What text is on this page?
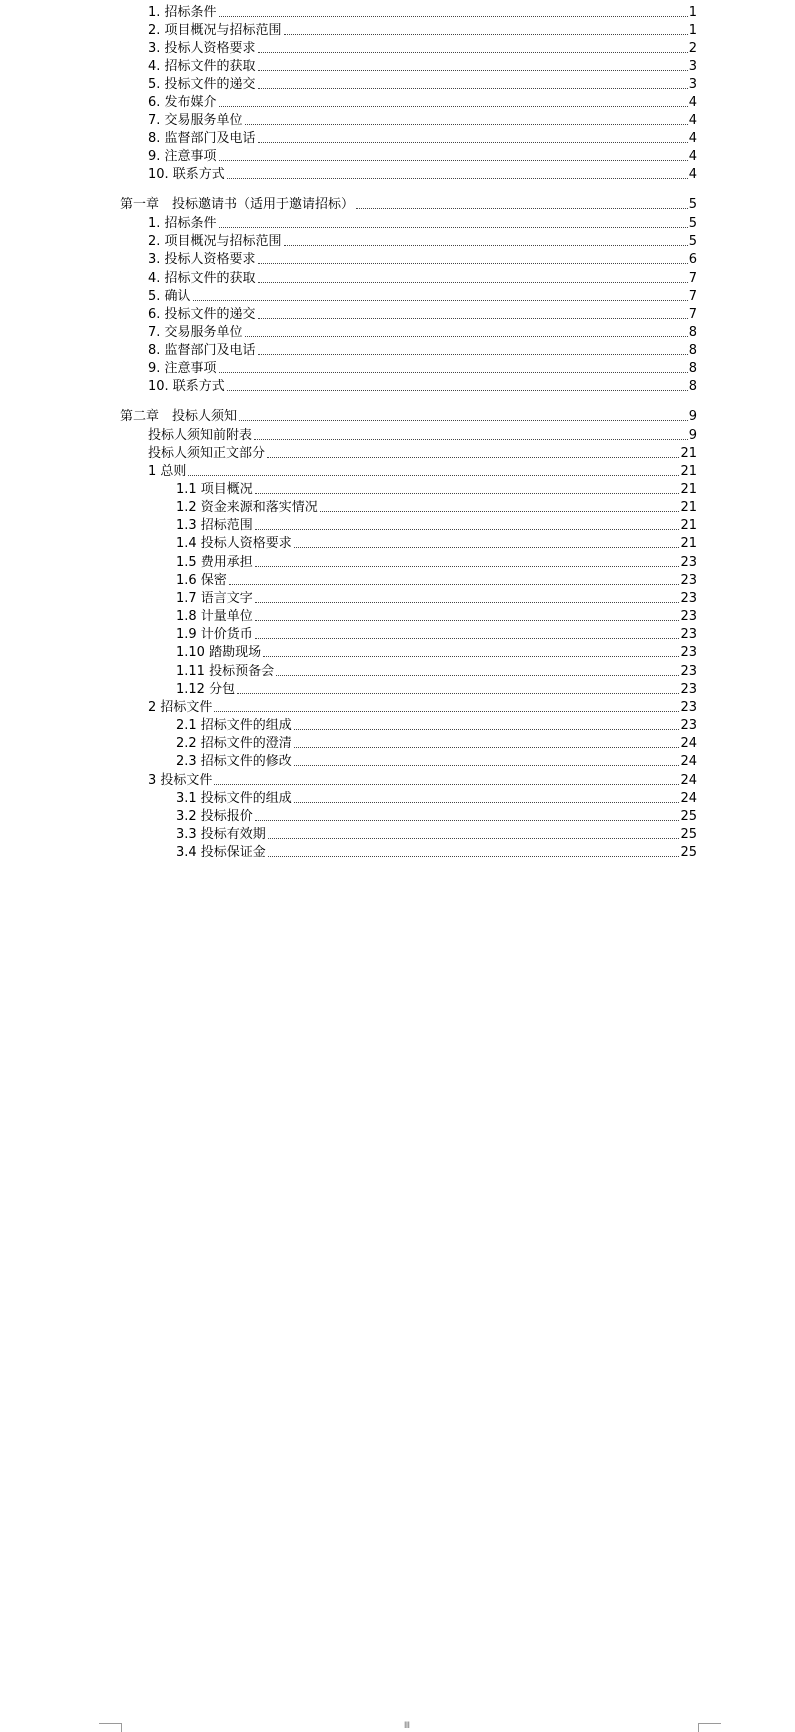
1. 招标条件	1
2. 项目概况与招标范围	1
3. 投标人资格要求	2
4. 招标文件的获取	3
5. 投标文件的递交	3
6. 发布媒介	4
7. 交易服务单位	4
8. 监督部门及电话	4
9. 注意事项	4
10. 联系方式	4
第一章　投标邀请书（适用于邀请招标）	5
1. 招标条件	5
2. 项目概况与招标范围	5
3. 投标人资格要求	6
4. 招标文件的获取	7
5. 确认	7
6. 投标文件的递交	7
7. 交易服务单位	8
8. 监督部门及电话	8
9. 注意事项	8
10. 联系方式	8
第二章　投标人须知	9
投标人须知前附表	9
投标人须知正文部分	21
1 总则	21
1.1 项目概况	21
1.2 资金来源和落实情况	21
1.3 招标范围	21
1.4 投标人资格要求	21
1.5 费用承担	23
1.6 保密	23
1.7 语言文字	23
1.8 计量单位	23
1.9 计价货币	23
1.10 踏勘现场	23
1.11 投标预备会	23
1.12 分包	23
2 招标文件	23
2.1 招标文件的组成	23
2.2 招标文件的澄清	24
2.3 招标文件的修改	24
3 投标文件	24
3.1 投标文件的组成	24
3.2 投标报价	25
3.3 投标有效期	25
3.4 投标保证金	25
Ⅲ
